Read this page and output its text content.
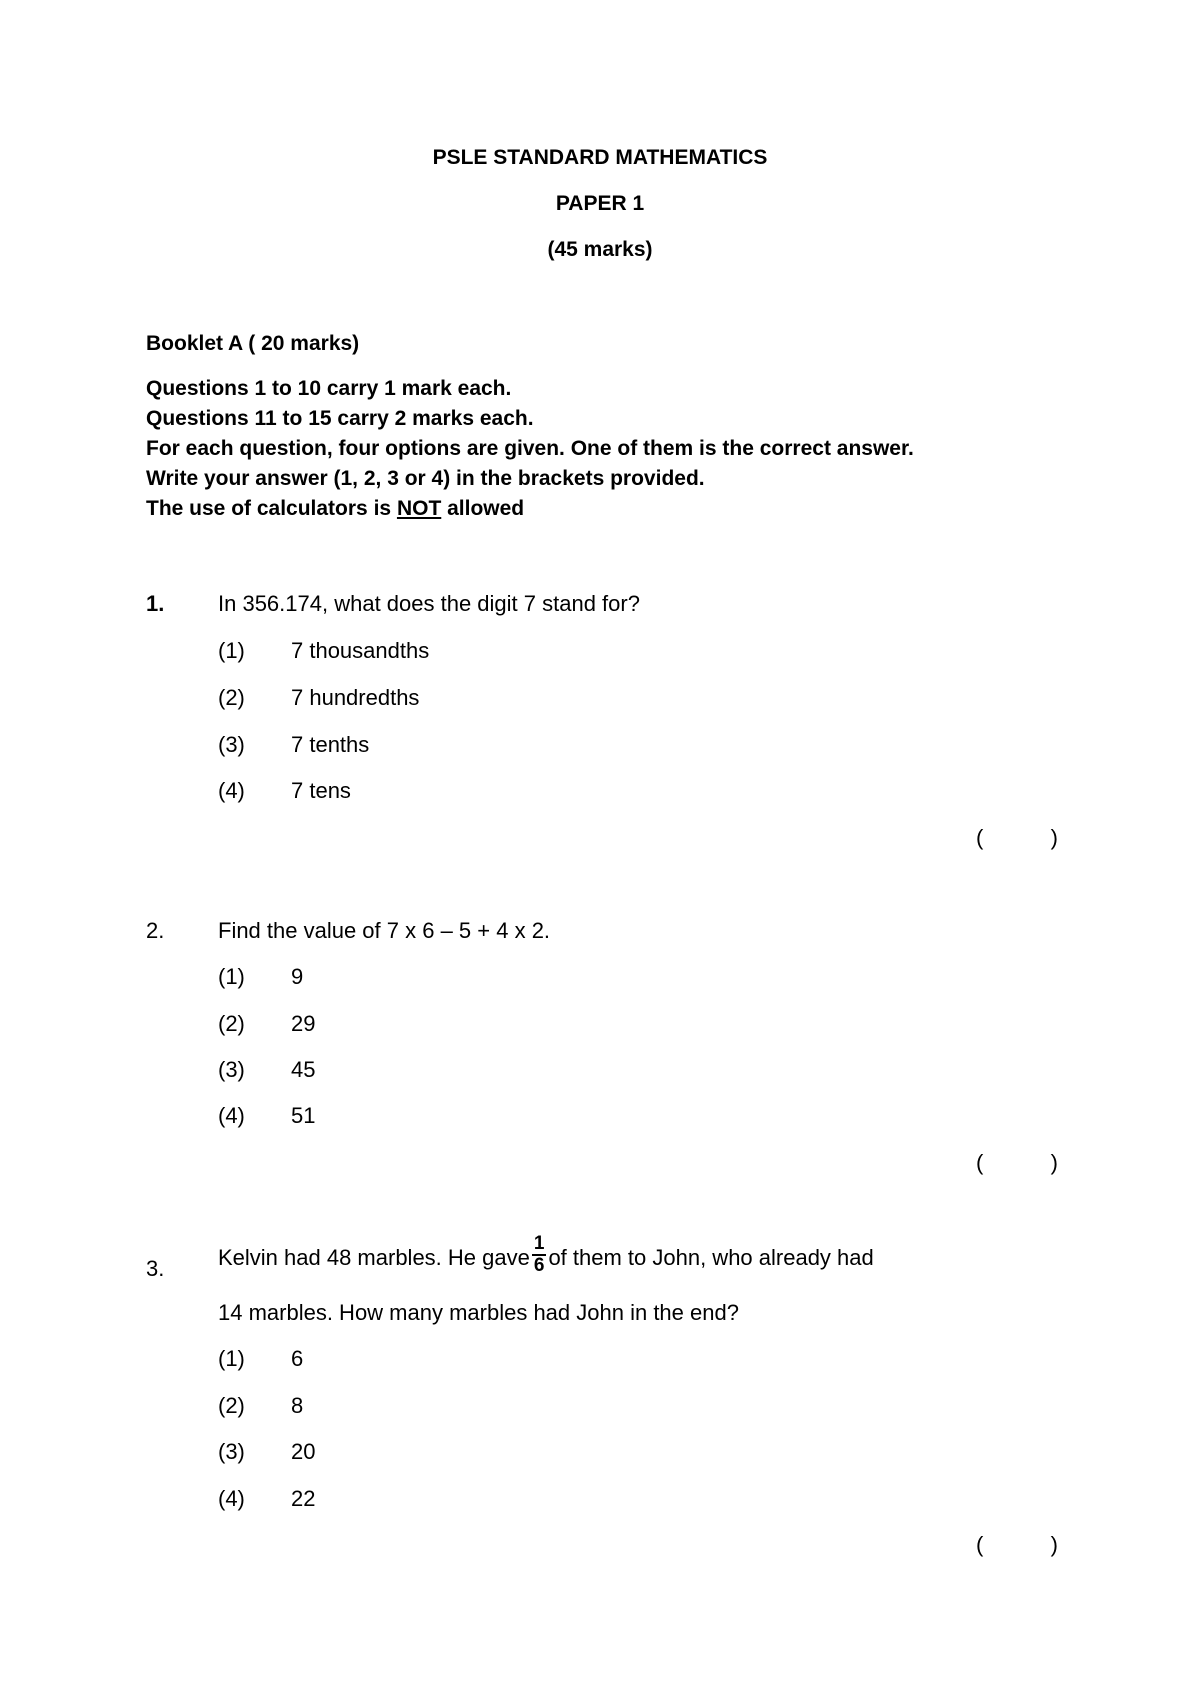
PSLE STANDARD MATHEMATICS
PAPER 1
(45 marks)
Booklet A ( 20 marks)
Questions 1 to 10 carry 1 mark each.
Questions 11 to 15 carry 2 marks each.
For each question, four options are given. One of them is the correct answer.
Write your answer (1, 2, 3 or 4) in the brackets provided.
The use of calculators is NOT allowed
1. In 356.174, what does the digit 7 stand for?
(1) 7 thousandths
(2) 7 hundredths
(3) 7 tenths
(4) 7 tens
(	)
2. Find the value of 7 x 6 – 5 + 4 x 2.
(1) 9
(2) 29
(3) 45
(4) 51
(	)
3. Kelvin had 48 marbles. He gave $\frac{1}{6}$ of them to John, who already had
14 marbles. How many marbles had John in the end?
(1) 6
(2) 8
(3) 20
(4) 22
(	)
